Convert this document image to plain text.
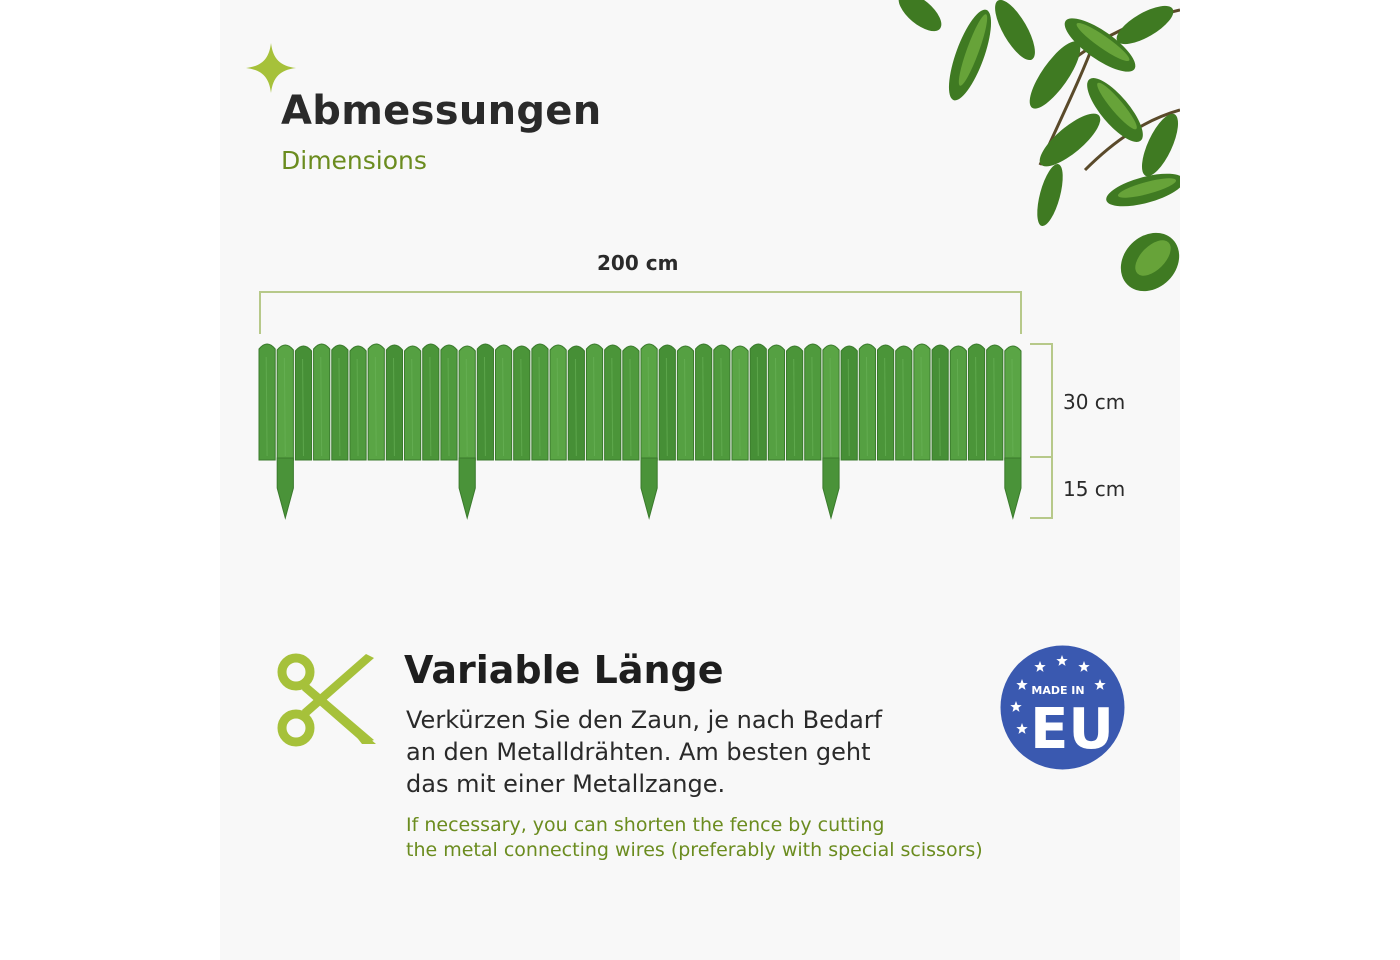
Abmessungen
Dimensions
200 cm
30 cm
15 cm
Variable Länge
Verkürzen Sie den Zaun, je nach Bedarf
an den Metalldrähten. Am besten geht
das mit einer Metallzange.
If necessary, you can shorten the fence by cutting
the metal connecting wires (preferably with special scissors)
MADE IN
EU
